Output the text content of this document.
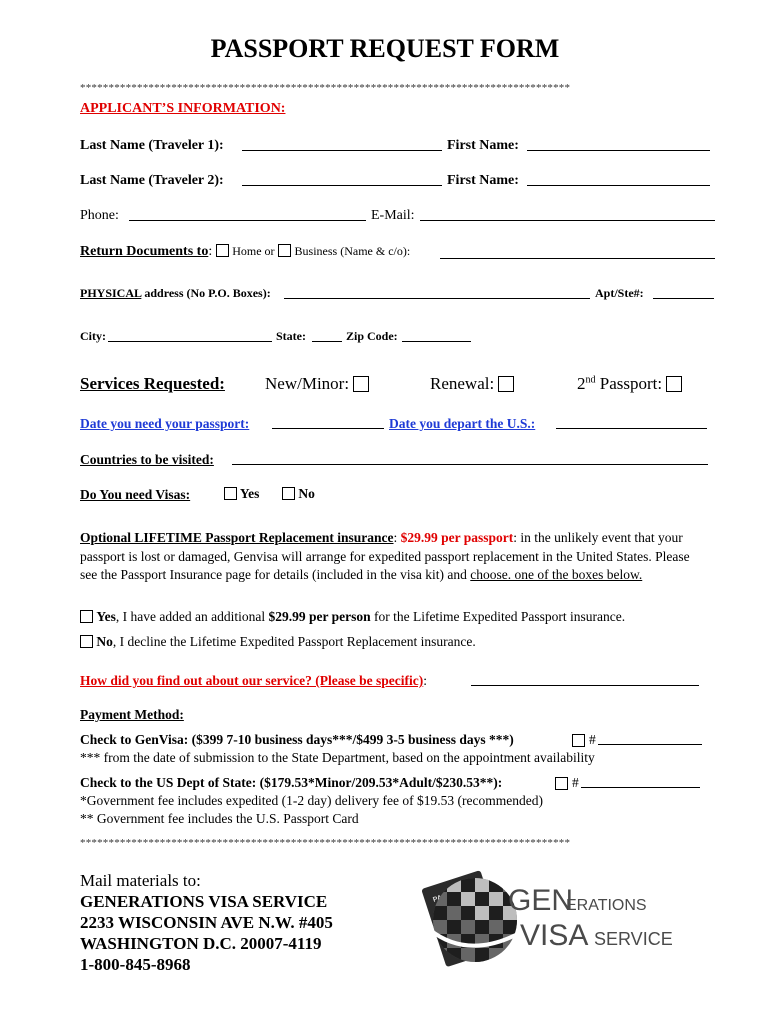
PASSPORT REQUEST FORM
**************************************************************************************
APPLICANT’S INFORMATION:
Last Name (Traveler 1):	First Name:
Last Name (Traveler 2):	First Name:
Phone:	E-Mail:
Return Documents to:  Home or Business (Name & c/o):
PHYSICAL address (No P.O. Boxes):	Apt/Ste#:
City:	State:	Zip Code:
Services Requested: New/Minor:	Renewal:	2nd Passport:
Date you need your passport:	Date you depart the U.S.:
Countries to be visited:
Do You need Visas:	Yes	No
Optional LIFETIME Passport Replacement insurance: $29.99 per passport: in the unlikely event that your passport is lost or damaged, Genvisa will arrange for expedited passport replacement in the United States. Please see the Passport Insurance page for details (included in the visa kit) and choose. one of the boxes below.
Yes, I have added an additional $29.99 per person for the Lifetime Expedited Passport insurance.
No, I decline the Lifetime Expedited Passport Replacement insurance.
How did you find out about our service? (Please be specific):
Payment Method:
Check to GenVisa: ($399 7-10 business days***/$499 3-5 business days ***)	#
*** from the date of submission to the State Department, based on the appointment availability
Check to the US Dept of State: ($179.53*Minor/209.53*Adult/$230.53**):	#
*Government fee includes expedited (1-2 day) delivery fee of $19.53 (recommended)
** Government fee includes the U.S. Passport Card
**************************************************************************************
Mail materials to:
GENERATIONS VISA SERVICE
2233 WISCONSIN AVE N.W. #405
WASHINGTON D.C. 20007-4119
1-800-845-8968
GEN
ERATIONS
VISA SERVICE
